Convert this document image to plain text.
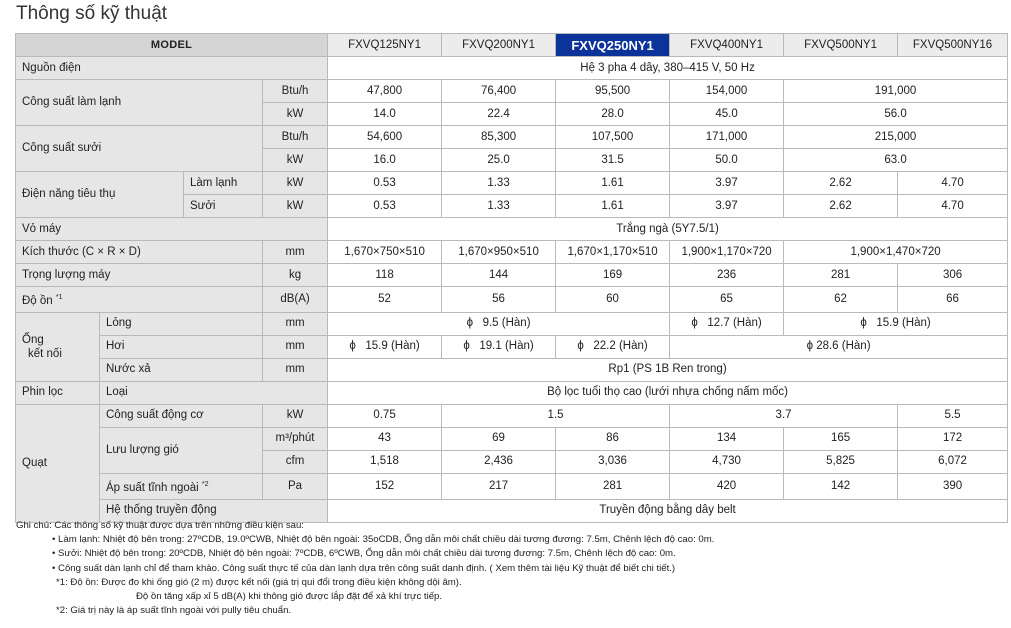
Thông số kỹ thuật
MODEL				FXVQ125NY1	FXVQ200NY1	FXVQ250NY1	FXVQ400NY1	FXVQ500NY1	FXVQ500NY16
Nguồn điện				Hệ 3 pha 4 dây, 380–415 V, 50 Hz					
Công suất làm lạnh			Btu/h	47,800	76,400	95,500	154,000	191,000	
			kW	14.0	22.4	28.0	45.0	56.0	
Công suất sưởi			Btu/h	54,600	85,300	107,500	171,000	215,000	
			kW	16.0	25.0	31.5	50.0	63.0	
Điện năng tiêu thụ		Làm lạnh	kW	0.53	1.33	1.61	3.97	2.62	4.70
		Sưởi	kW	0.53	1.33	1.61	3.97	2.62	4.70
Vỏ máy				Trắng ngà (5Y7.5/1)					
Kích thước (C × R × D)			mm	1,670×750×510	1,670×950×510	1,670×1,170×510	1,900×1,170×720	1,900×1,470×720	
Trọng lượng máy			kg	118	144	169	236	281	306
Độ ồn $^{*1}$			dB(A)	52	56	60	65	62	66

Ống
kết nối	Lỏng		mm	ϕ   9.5 (Hàn)			ϕ   12.7 (Hàn)	ϕ   15.9 (Hàn)	
	Hơi		mm	ϕ   15.9 (Hàn)	ϕ   19.1 (Hàn)	ϕ   22.2 (Hàn)	ϕ 28.6 (Hàn)		
	Nước xả		mm	Rp1 (PS 1B Ren trong)					
Phin lọc	Loại			Bộ lọc tuổi thọ cao (lưới nhựa chống nấm mốc)					
Quạt	Công suất động cơ		kW	0.75	1.5		3.7		5.5
	Lưu lượng gió		m³/phút	43	69	86	134	165	172
			cfm	1,518	2,436	3,036	4,730	5,825	6,072
	Áp suất tĩnh ngoài $^{*2}$		Pa	152	217	281	420	142	390
	Hệ thống truyền động			Truyền động bằng dây belt					
Ghi chú: Các thông số kỹ thuật được dựa trên những điều kiện sau:
• Làm lạnh: Nhiệt độ bên trong: 27ºCDB, 19.0ºCWB, Nhiệt độ bên ngoài: 35oCDB, Ống dẫn môi chất chiều dài tương đương: 7.5m, Chênh lệch độ cao: 0m.
• Sưởi: Nhiệt độ bên trong: 20ºCDB, Nhiệt độ bên ngoài: 7ºCDB, 6ºCWB, Ống dẫn môi chất chiều dài tương đương: 7.5m, Chênh lệch độ cao: 0m.
• Công suất dàn lạnh chỉ để tham khảo. Công suất thực tế của dàn lạnh dựa trên công suất danh định. ( Xem thêm tài liệu Kỹ thuật để biết chi tiết.)
*1: Độ ồn: Được đo khi ống gió (2 m) được kết nối (giá trị qui đổi trong điều kiện không dội âm).
Độ ồn tăng xấp xỉ 5 dB(A) khi thông gió được lắp đặt để xả khí trực tiếp.
*2: Giá trị này là áp suất tĩnh ngoài với pully tiêu chuẩn.
